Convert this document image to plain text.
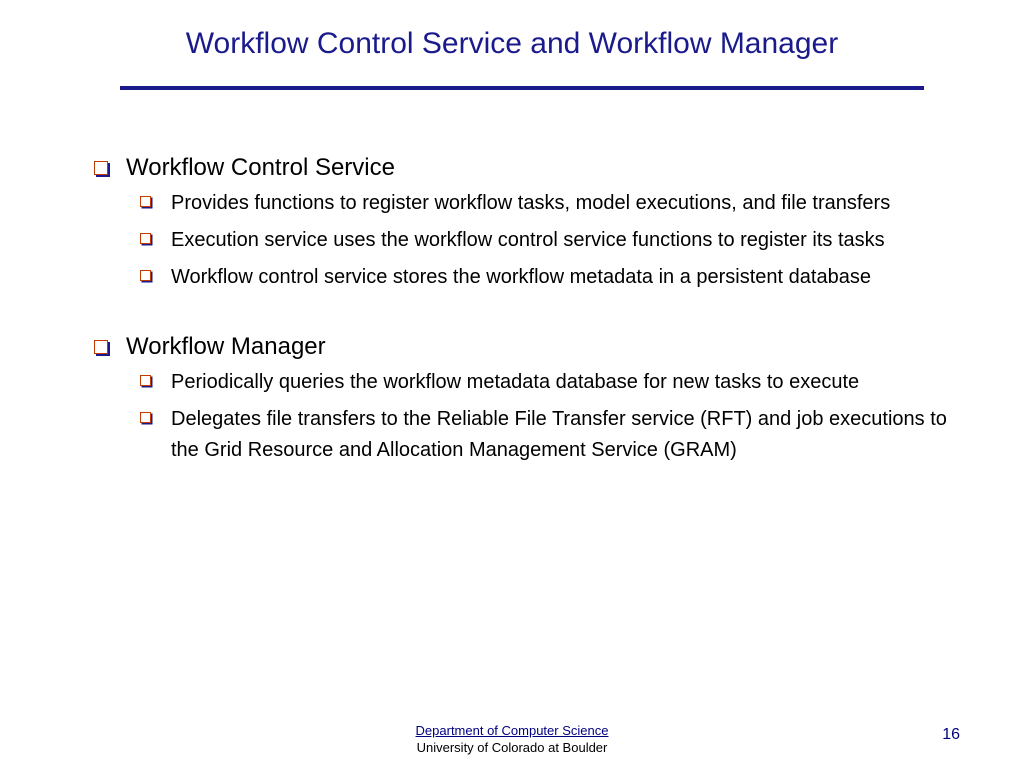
Workflow Control Service and Workflow Manager
Workflow Control Service
Provides functions to register workflow tasks, model executions, and file transfers
Execution service uses the workflow control service functions to register its tasks
Workflow control service stores the workflow metadata in a persistent database
Workflow Manager
Periodically queries the workflow metadata database for new tasks to execute
Delegates file transfers to the Reliable File Transfer service (RFT) and job executions to the Grid Resource and Allocation Management Service (GRAM)
Department of Computer Science
University of Colorado at Boulder
16
